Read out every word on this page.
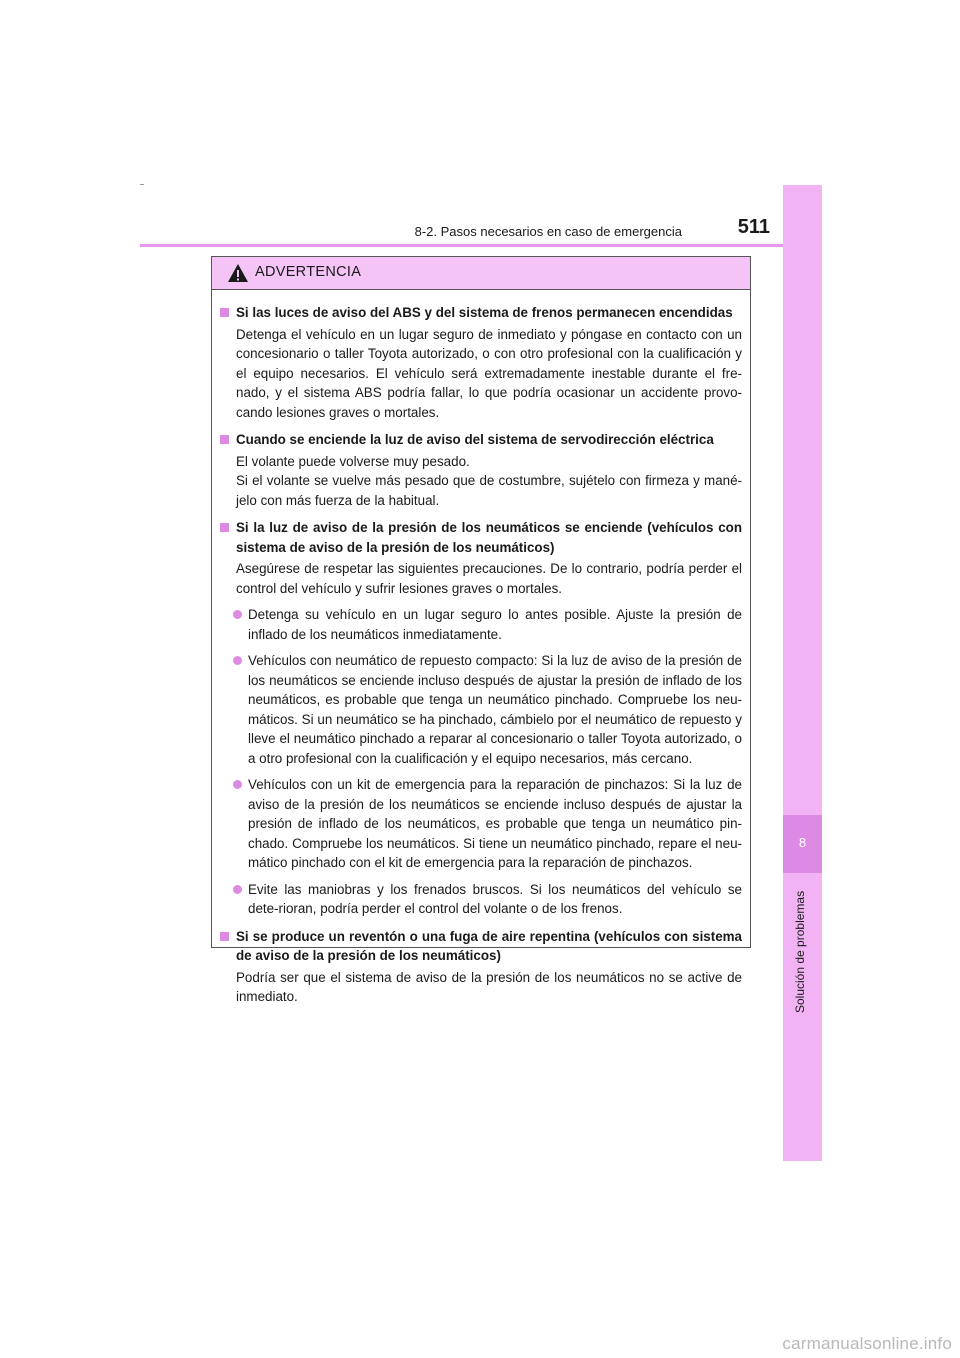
8-2. Pasos necesarios en caso de emergencia	511
8
Solución de problemas
ADVERTENCIA
Si las luces de aviso del ABS y del sistema de frenos permanecen encendidas
Detenga el vehículo en un lugar seguro de inmediato y póngase en contacto con un concesionario o taller Toyota autorizado, o con otro profesional con la cualificación y el equipo necesarios. El vehículo será extremadamente inestable durante el fre-nado, y el sistema ABS podría fallar, lo que podría ocasionar un accidente provo-cando lesiones graves o mortales.
Cuando se enciende la luz de aviso del sistema de servodirección eléctrica
El volante puede volverse muy pesado.
Si el volante se vuelve más pesado que de costumbre, sujételo con firmeza y mané-jelo con más fuerza de la habitual.
Si la luz de aviso de la presión de los neumáticos se enciende (vehículos con sistema de aviso de la presión de los neumáticos)
Asegúrese de respetar las siguientes precauciones. De lo contrario, podría perder el control del vehículo y sufrir lesiones graves o mortales.
Detenga su vehículo en un lugar seguro lo antes posible. Ajuste la presión de inflado de los neumáticos inmediatamente.
Vehículos con neumático de repuesto compacto: Si la luz de aviso de la presión de los neumáticos se enciende incluso después de ajustar la presión de inflado de los neumáticos, es probable que tenga un neumático pinchado. Compruebe los neu-máticos. Si un neumático se ha pinchado, cámbielo por el neumático de repuesto y lleve el neumático pinchado a reparar al concesionario o taller Toyota autorizado, o a otro profesional con la cualificación y el equipo necesarios, más cercano.
Vehículos con un kit de emergencia para la reparación de pinchazos: Si la luz de aviso de la presión de los neumáticos se enciende incluso después de ajustar la presión de inflado de los neumáticos, es probable que tenga un neumático pin-chado. Compruebe los neumáticos. Si tiene un neumático pinchado, repare el neu-mático pinchado con el kit de emergencia para la reparación de pinchazos.
Evite las maniobras y los frenados bruscos. Si los neumáticos del vehículo se dete-rioran, podría perder el control del volante o de los frenos.
Si se produce un reventón o una fuga de aire repentina (vehículos con sistema de aviso de la presión de los neumáticos)
Podría ser que el sistema de aviso de la presión de los neumáticos no se active de inmediato.
carmanualsonline.info
